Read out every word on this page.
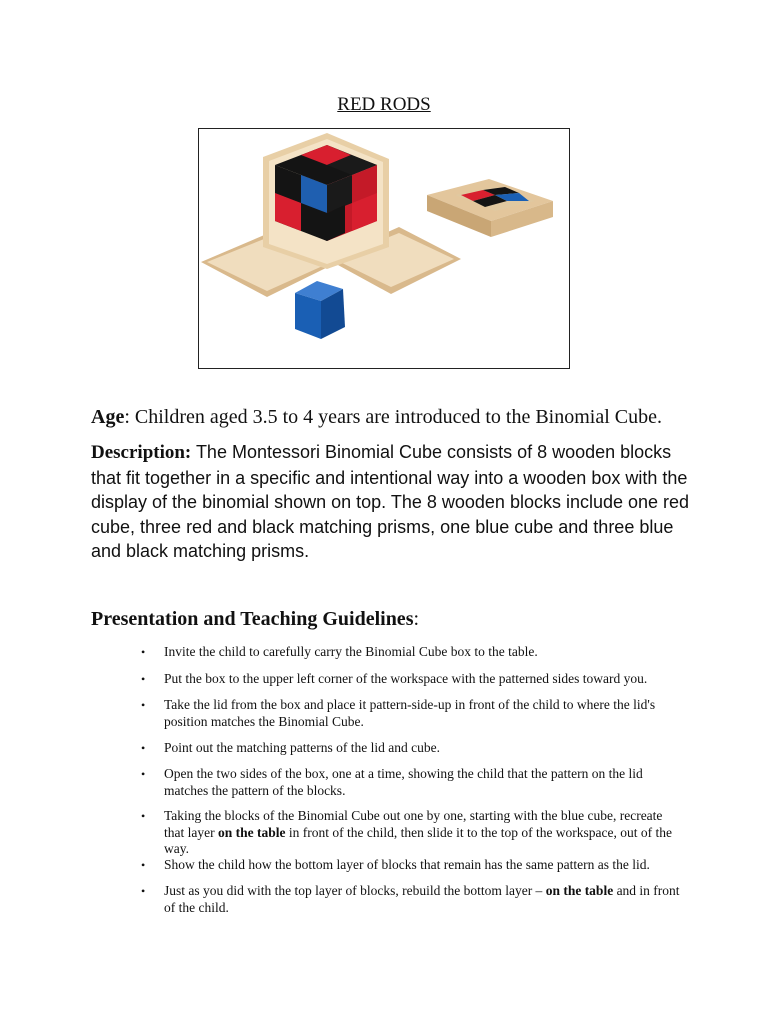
RED RODS
Age: Children aged 3.5 to 4 years are introduced to the Binomial Cube.
Description: The Montessori Binomial Cube consists of 8 wooden blocks that fit together in a specific and intentional way into a wooden box with the display of the binomial shown on top. The 8 wooden blocks include one red cube, three red and black matching prisms, one blue cube and three blue and black matching prisms.
Presentation and Teaching Guidelines:
• Invite the child to carefully carry the Binomial Cube box to the table.
• Put the box to the upper left corner of the workspace with the patterned sides toward you.
• Take the lid from the box and place it pattern-side-up in front of the child to where the lid's position matches the Binomial Cube.
• Point out the matching patterns of the lid and cube.
• Open the two sides of the box, one at a time, showing the child that the pattern on the lid matches the pattern of the blocks.
• Taking the blocks of the Binomial Cube out one by one, starting with the blue cube, recreate that layer on the table in front of the child, then slide it to the top of the workspace, out of the way.
• Show the child how the bottom layer of blocks that remain has the same pattern as the lid.
• Just as you did with the top layer of blocks, rebuild the bottom layer – on the table and in front of the child.
